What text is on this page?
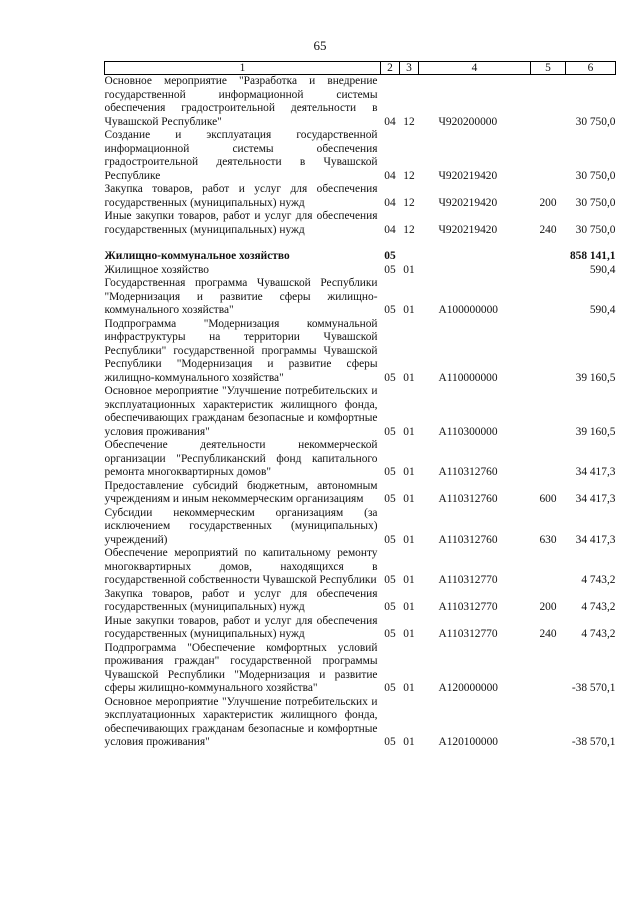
65
1	2	3	4	5	6
Основное мероприятие "Разработка и внедрение государственной информационной системы обеспечения градостроительной деятельности в Чувашской Республике"	04	12	Ч920200000		30 750,0
Создание и эксплуатация государственной информационной системы обеспечения градостроительной деятельности в Чувашской Республике	04	12	Ч920219420		30 750,0
Закупка товаров, работ и услуг для обеспечения государственных (муниципальных) нужд	04	12	Ч920219420	200	30 750,0
Иные закупки товаров, работ и услуг для обеспечения государственных (муниципальных) нужд	04	12	Ч920219420	240	30 750,0

Жилищно-коммунальное хозяйство	05				858 141,1
Жилищное хозяйство	05	01			590,4
Государственная программа Чувашской Республики "Модернизация и развитие сферы жилищно-коммунального хозяйства"	05	01	A100000000		590,4
Подпрограмма "Модернизация коммунальной инфраструктуры на территории Чувашской Республики" государственной программы Чувашской Республики "Модернизация и развитие сферы жилищно-коммунального хозяйства"	05	01	A110000000		39 160,5
Основное мероприятие "Улучшение потребительских и эксплуатационных характеристик жилищного фонда, обеспечивающих гражданам безопасные и комфортные условия проживания"	05	01	A110300000		39 160,5
Обеспечение деятельности некоммерческой организации "Республиканский фонд капитального ремонта многоквартирных домов"	05	01	A110312760		34 417,3
Предоставление субсидий бюджетным, автономным учреждениям и иным некоммерческим организациям	05	01	A110312760	600	34 417,3
Субсидии некоммерческим организациям (за исключением государственных (муниципальных) учреждений)	05	01	A110312760	630	34 417,3
Обеспечение мероприятий по капитальному ремонту многоквартирных домов, находящихся в государственной собственности Чувашской Республики	05	01	A110312770		4 743,2
Закупка товаров, работ и услуг для обеспечения государственных (муниципальных) нужд	05	01	A110312770	200	4 743,2
Иные закупки товаров, работ и услуг для обеспечения государственных (муниципальных) нужд	05	01	A110312770	240	4 743,2
Подпрограмма "Обеспечение комфортных условий проживания граждан" государственной программы Чувашской Республики "Модернизация и развитие сферы жилищно-коммунального хозяйства"	05	01	A120000000		-38 570,1
Основное мероприятие "Улучшение потребительских и эксплуатационных характеристик жилищного фонда, обеспечивающих гражданам безопасные и комфортные условия проживания"	05	01	A120100000		-38 570,1
